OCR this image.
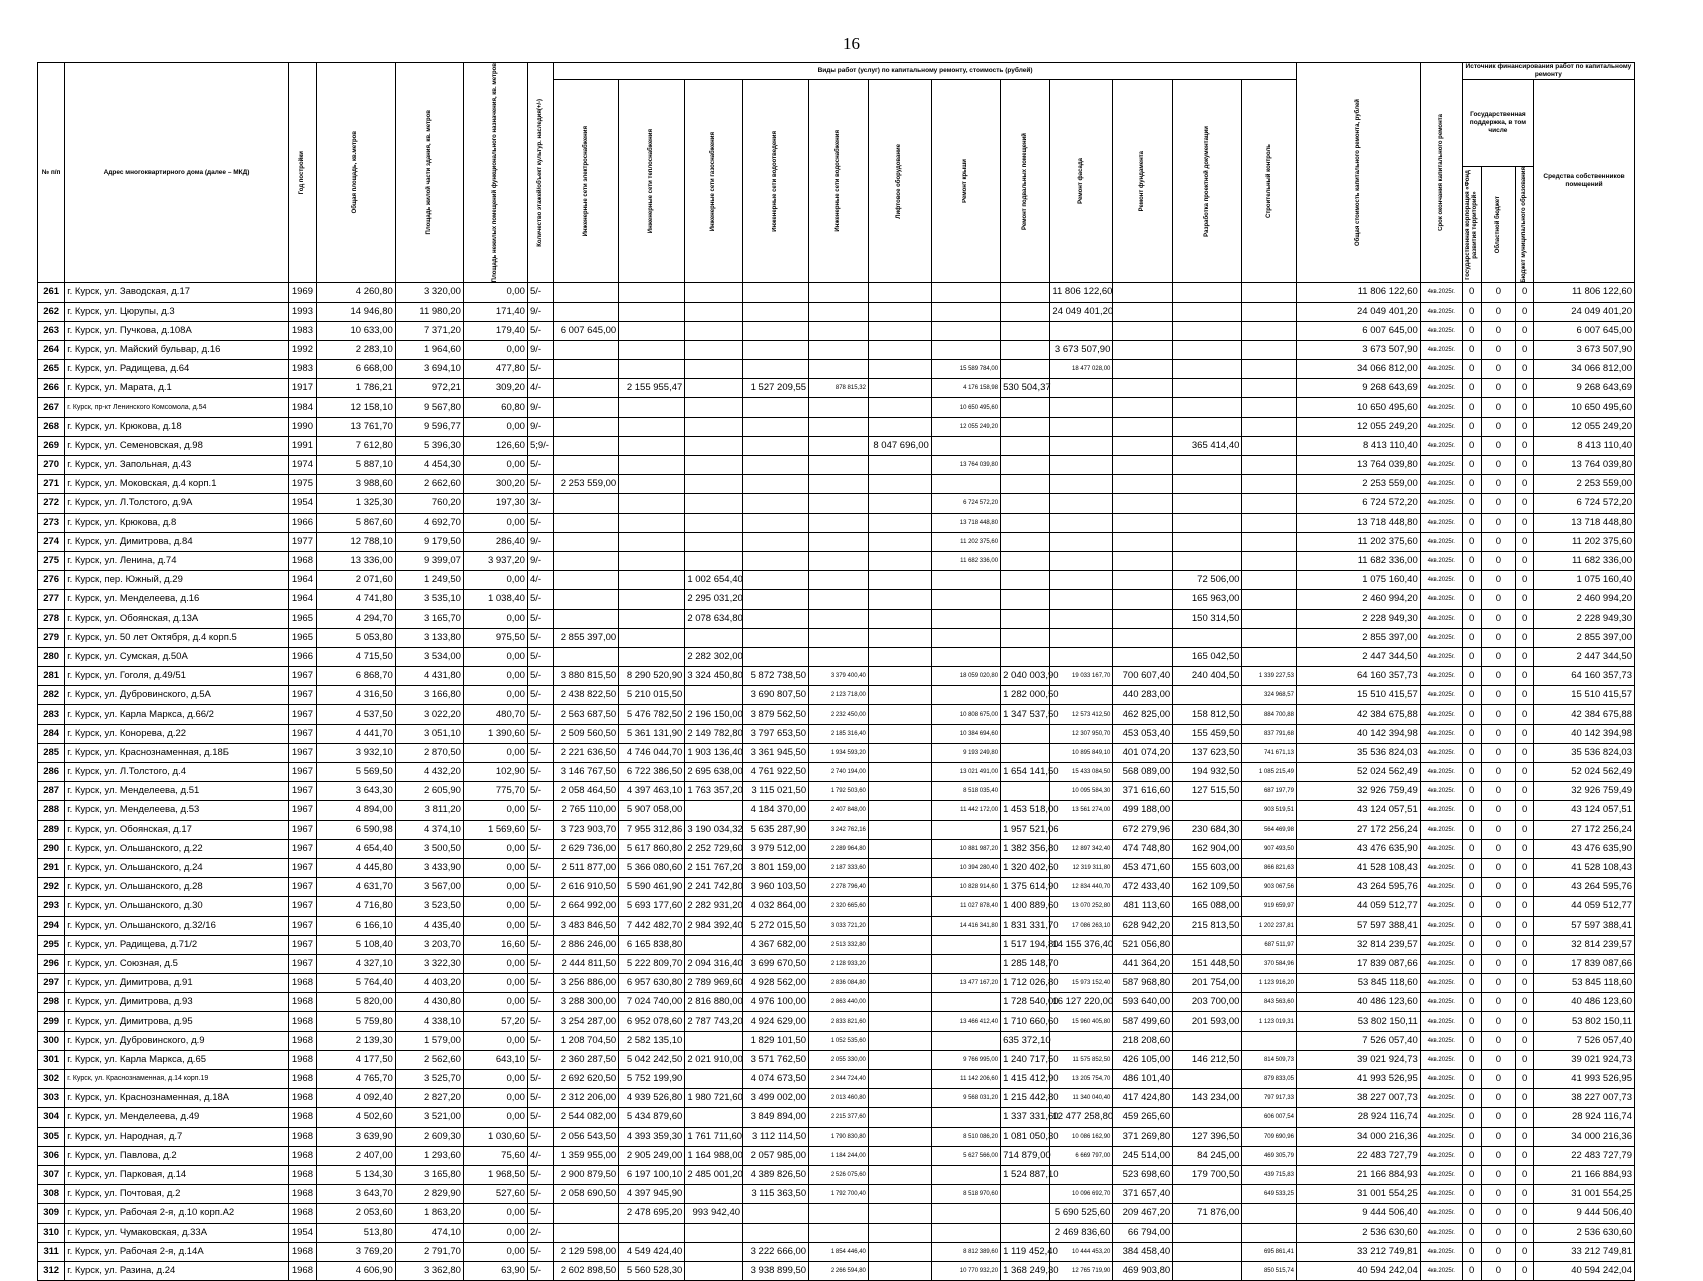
16
№ п/п	Адрес многоквартирного дома (далее – МКД)	Год постройки	Общая площадь, кв.метров	Площадь жилой части здания, кв. метров	Площадь нежилых помещений функционального назначения, кв. метров	Количество этажей/объект культур. наследия(+/-)	Виды работ (услуг) по капитальному ремонту, стоимость (рублей)												Общая стоимость капитального ремонта, рублей	Срок окончания капитального ремонта	Источник финансирования работ по капитальному ремонту			

							Инженерные сети электроснабжения	Инженерные сети теплоснабжения	Инженерные сети газоснабжения	Инженерные сети водоотведения	Инженерные сети водоснабжения	Лифтовое оборудование	Ремонт крыши	Ремонт подвальных помещений	Ремонт фасада	Ремонт фундамента	Разработка проектной документации	Строительный контроль			Государственная поддержка, в том числе			Средства собственников помещений

																					Государственная корпорация «Фонд развития территорий»	Областной бюджет	Бюджет муниципального образования	

261	г. Курск, ул. Заводская, д.17	1969	4 260,80	3 320,00	0,00	5/-									11 806 122,60				11 806 122,60	4кв.2025г.	0	0	0	11 806 122,60
262	г. Курск, ул. Цюрупы, д.3	1993	14 946,80	11 980,20	171,40	9/-									24 049 401,20				24 049 401,20	4кв.2025г.	0	0	0	24 049 401,20
263	г. Курск, ул. Пучкова, д.108А	1983	10 633,00	7 371,20	179,40	5/-	6 007 645,00												6 007 645,00	4кв.2025г.	0	0	0	6 007 645,00
264	г. Курск, ул. Майский бульвар, д.16	1992	2 283,10	1 964,60	0,00	9/-									3 673 507,90				3 673 507,90	4кв.2025г.	0	0	0	3 673 507,90
265	г. Курск, ул. Радищева, д.64	1983	6 668,00	3 694,10	477,80	5/-							15 589 784,00		18 477 028,00				34 066 812,00	4кв.2025г.	0	0	0	34 066 812,00
266	г. Курск, ул. Марата, д.1	1917	1 786,21	972,21	309,20	4/-		2 155 955,47		1 527 209,55	878 815,32		4 176 158,98	530 504,37					9 268 643,69	4кв.2025г.	0	0	0	9 268 643,69
267	г. Курск, пр-кт Ленинского Комсомола, д.54	1984	12 158,10	9 567,80	60,80	9/-							10 650 495,60						10 650 495,60	4кв.2025г.	0	0	0	10 650 495,60
268	г. Курск, ул. Крюкова, д.18	1990	13 761,70	9 596,77	0,00	9/-							12 055 249,20						12 055 249,20	4кв.2025г.	0	0	0	12 055 249,20
269	г. Курск, ул. Семеновская, д.98	1991	7 612,80	5 396,30	126,60	5;9/-						8 047 696,00					365 414,40		8 413 110,40	4кв.2025г.	0	0	0	8 413 110,40
270	г. Курск, ул. Запольная, д.43	1974	5 887,10	4 454,30	0,00	5/-							13 764 039,80						13 764 039,80	4кв.2025г.	0	0	0	13 764 039,80
271	г. Курск, ул. Моковская, д.4 корп.1	1975	3 988,60	2 662,60	300,20	5/-	2 253 559,00												2 253 559,00	4кв.2025г.	0	0	0	2 253 559,00
272	г. Курск, ул. Л.Толстого, д.9А	1954	1 325,30	760,20	197,30	3/-							6 724 572,20						6 724 572,20	4кв.2025г.	0	0	0	6 724 572,20
273	г. Курск, ул. Крюкова, д.8	1966	5 867,60	4 692,70	0,00	5/-							13 718 448,80						13 718 448,80	4кв.2025г.	0	0	0	13 718 448,80
274	г. Курск, ул. Димитрова, д.84	1977	12 788,10	9 179,50	286,40	9/-							11 202 375,60						11 202 375,60	4кв.2025г.	0	0	0	11 202 375,60
275	г. Курск, ул. Ленина, д.74	1968	13 336,00	9 399,07	3 937,20	9/-							11 682 336,00						11 682 336,00	4кв.2025г.	0	0	0	11 682 336,00
276	г. Курск, пер. Южный, д.29	1964	2 071,60	1 249,50	0,00	4/-			1 002 654,40								72 506,00		1 075 160,40	4кв.2025г.	0	0	0	1 075 160,40
277	г. Курск, ул. Менделеева, д.16	1964	4 741,80	3 535,10	1 038,40	5/-			2 295 031,20								165 963,00		2 460 994,20	4кв.2025г.	0	0	0	2 460 994,20
278	г. Курск, ул. Обоянская, д.13А	1965	4 294,70	3 165,70	0,00	5/-			2 078 634,80								150 314,50		2 228 949,30	4кв.2025г.	0	0	0	2 228 949,30
279	г. Курск, ул. 50 лет Октября, д.4 корп.5	1965	5 053,80	3 133,80	975,50	5/-	2 855 397,00												2 855 397,00	4кв.2025г.	0	0	0	2 855 397,00
280	г. Курск, ул. Сумская, д.50А	1966	4 715,50	3 534,00	0,00	5/-			2 282 302,00								165 042,50		2 447 344,50	4кв.2025г.	0	0	0	2 447 344,50
281	г. Курск, ул. Гоголя, д.49/51	1967	6 868,70	4 431,80	0,00	5/-	3 880 815,50	8 290 520,90	3 324 450,80	5 872 738,50	3 379 400,40		18 059 020,80	2 040 003,90	19 033 167,70	700 607,40	240 404,50	1 339 227,53	64 160 357,73	4кв.2025г.	0	0	0	64 160 357,73
282	г. Курск, ул. Дубровинского, д.5А	1967	4 316,50	3 166,80	0,00	5/-	2 438 822,50	5 210 015,50		3 690 807,50	2 123 718,00			1 282 000,50		440 283,00		324 968,57	15 510 415,57	4кв.2025г.	0	0	0	15 510 415,57
283	г. Курск, ул. Карла Маркса, д.66/2	1967	4 537,50	3 022,20	480,70	5/-	2 563 687,50	5 476 782,50	2 196 150,00	3 879 562,50	2 232 450,00		10 808 675,00	1 347 537,50	12 573 412,50	462 825,00	158 812,50	884 700,88	42 384 675,88	4кв.2025г.	0	0	0	42 384 675,88
284	г. Курск, ул. Конорева, д.22	1967	4 441,70	3 051,10	1 390,60	5/-	2 509 560,50	5 361 131,90	2 149 782,80	3 797 653,50	2 185 316,40		10 384 694,60		12 307 950,70	453 053,40	155 459,50	837 791,68	40 142 394,98	4кв.2025г.	0	0	0	40 142 394,98
285	г. Курск, ул. Краснознаменная, д.18Б	1967	3 932,10	2 870,50	0,00	5/-	2 221 636,50	4 746 044,70	1 903 136,40	3 361 945,50	1 934 593,20		9 193 249,80		10 895 849,10	401 074,20	137 623,50	741 671,13	35 536 824,03	4кв.2025г.	0	0	0	35 536 824,03
286	г. Курск, ул. Л.Толстого, д.4	1967	5 569,50	4 432,20	102,90	5/-	3 146 767,50	6 722 386,50	2 695 638,00	4 761 922,50	2 740 194,00		13 021 491,00	1 654 141,50	15 433 084,50	568 089,00	194 932,50	1 085 215,49	52 024 562,49	4кв.2025г.	0	0	0	52 024 562,49
287	г. Курск, ул. Менделеева, д.51	1967	3 643,30	2 605,90	775,70	5/-	2 058 464,50	4 397 463,10	1 763 357,20	3 115 021,50	1 792 503,60		8 518 035,40		10 095 584,30	371 616,60	127 515,50	687 197,79	32 926 759,49	4кв.2025г.	0	0	0	32 926 759,49
288	г. Курск, ул. Менделеева, д.53	1967	4 894,00	3 811,20	0,00	5/-	2 765 110,00	5 907 058,00		4 184 370,00	2 407 848,00		11 442 172,00	1 453 518,00	13 561 274,00	499 188,00		903 519,51	43 124 057,51	4кв.2025г.	0	0	0	43 124 057,51
289	г. Курск, ул. Обоянская, д.17	1967	6 590,98	4 374,10	1 569,60	5/-	3 723 903,70	7 955 312,86	3 190 034,32	5 635 287,90	3 242 762,16			1 957 521,06		672 279,96	230 684,30	564 469,98	27 172 256,24	4кв.2025г.	0	0	0	27 172 256,24
290	г. Курск, ул. Ольшанского, д.22	1967	4 654,40	3 500,50	0,00	5/-	2 629 736,00	5 617 860,80	2 252 729,60	3 979 512,00	2 289 964,80		10 881 987,20	1 382 356,80	12 897 342,40	474 748,80	162 904,00	907 493,50	43 476 635,90	4кв.2025г.	0	0	0	43 476 635,90
291	г. Курск, ул. Ольшанского, д.24	1967	4 445,80	3 433,90	0,00	5/-	2 511 877,00	5 366 080,60	2 151 767,20	3 801 159,00	2 187 333,60		10 394 280,40	1 320 402,60	12 319 311,80	453 471,60	155 603,00	866 821,63	41 528 108,43	4кв.2025г.	0	0	0	41 528 108,43
292	г. Курск, ул. Ольшанского, д.28	1967	4 631,70	3 567,00	0,00	5/-	2 616 910,50	5 590 461,90	2 241 742,80	3 960 103,50	2 278 796,40		10 828 914,60	1 375 614,90	12 834 440,70	472 433,40	162 109,50	903 067,56	43 264 595,76	4кв.2025г.	0	0	0	43 264 595,76
293	г. Курск, ул. Ольшанского, д.30	1967	4 716,80	3 523,50	0,00	5/-	2 664 992,00	5 693 177,60	2 282 931,20	4 032 864,00	2 320 665,60		11 027 878,40	1 400 889,60	13 070 252,80	481 113,60	165 088,00	919 659,97	44 059 512,77	4кв.2025г.	0	0	0	44 059 512,77
294	г. Курск, ул. Ольшанского, д.32/16	1967	6 166,10	4 435,40	0,00	5/-	3 483 846,50	7 442 482,70	2 984 392,40	5 272 015,50	3 033 721,20		14 416 341,80	1 831 331,70	17 086 263,10	628 942,20	215 813,50	1 202 237,81	57 597 388,41	4кв.2025г.	0	0	0	57 597 388,41
295	г. Курск, ул. Радищева, д.71/2	1967	5 108,40	3 203,70	16,60	5/-	2 886 246,00	6 165 838,80		4 367 682,00	2 513 332,80			1 517 194,80	14 155 376,40	521 056,80		687 511,97	32 814 239,57	4кв.2025г.	0	0	0	32 814 239,57
296	г. Курск, ул. Союзная, д.5	1967	4 327,10	3 322,30	0,00	5/-	2 444 811,50	5 222 809,70	2 094 316,40	3 699 670,50	2 128 933,20			1 285 148,70		441 364,20	151 448,50	370 584,96	17 839 087,66	4кв.2025г.	0	0	0	17 839 087,66
297	г. Курск, ул. Димитрова, д.91	1968	5 764,40	4 403,20	0,00	5/-	3 256 886,00	6 957 630,80	2 789 969,60	4 928 562,00	2 836 084,80		13 477 167,20	1 712 026,80	15 973 152,40	587 968,80	201 754,00	1 123 916,20	53 845 118,60	4кв.2025г.	0	0	0	53 845 118,60
298	г. Курск, ул. Димитрова, д.93	1968	5 820,00	4 430,80	0,00	5/-	3 288 300,00	7 024 740,00	2 816 880,00	4 976 100,00	2 863 440,00			1 728 540,00	16 127 220,00	593 640,00	203 700,00	843 563,60	40 486 123,60	4кв.2025г.	0	0	0	40 486 123,60
299	г. Курск, ул. Димитрова, д.95	1968	5 759,80	4 338,10	57,20	5/-	3 254 287,00	6 952 078,60	2 787 743,20	4 924 629,00	2 833 821,60		13 466 412,40	1 710 660,60	15 960 405,80	587 499,60	201 593,00	1 123 019,31	53 802 150,11	4кв.2025г.	0	0	0	53 802 150,11
300	г. Курск, ул. Дубровинского, д.9	1968	2 139,30	1 579,00	0,00	5/-	1 208 704,50	2 582 135,10		1 829 101,50	1 052 535,60			635 372,10		218 208,60			7 526 057,40	4кв.2025г.	0	0	0	7 526 057,40
301	г. Курск, ул. Карла Маркса, д.65	1968	4 177,50	2 562,60	643,10	5/-	2 360 287,50	5 042 242,50	2 021 910,00	3 571 762,50	2 055 330,00		9 766 995,00	1 240 717,50	11 575 852,50	426 105,00	146 212,50	814 509,73	39 021 924,73	4кв.2025г.	0	0	0	39 021 924,73
302	г. Курск, ул. Краснознаменная, д.14 корп.19	1968	4 765,70	3 525,70	0,00	5/-	2 692 620,50	5 752 199,90		4 074 673,50	2 344 724,40		11 142 206,60	1 415 412,90	13 205 754,70	486 101,40		879 833,05	41 993 526,95	4кв.2025г.	0	0	0	41 993 526,95
303	г. Курск, ул. Краснознаменная, д.18А	1968	4 092,40	2 827,20	0,00	5/-	2 312 206,00	4 939 526,80	1 980 721,60	3 499 002,00	2 013 460,80		9 568 031,20	1 215 442,80	11 340 040,40	417 424,80	143 234,00	797 917,33	38 227 007,73	4кв.2025г.	0	0	0	38 227 007,73
304	г. Курск, ул. Менделеева, д.49	1968	4 502,60	3 521,00	0,00	5/-	2 544 082,00	5 434 879,60		3 849 894,00	2 215 377,60			1 337 331,60	12 477 258,80	459 265,60		606 007,54	28 924 116,74	4кв.2025г.	0	0	0	28 924 116,74
305	г. Курск, ул. Народная, д.7	1968	3 639,90	2 609,30	1 030,60	5/-	2 056 543,50	4 393 359,30	1 761 711,60	3 112 114,50	1 790 830,80		8 510 086,20	1 081 050,30	10 086 162,90	371 269,80	127 396,50	709 690,96	34 000 216,36	4кв.2025г.	0	0	0	34 000 216,36
306	г. Курск, ул. Павлова, д.2	1968	2 407,00	1 293,60	75,60	4/-	1 359 955,00	2 905 249,00	1 164 988,00	2 057 985,00	1 184 244,00		5 627 566,00	714 879,00	6 669 797,00	245 514,00	84 245,00	469 305,79	22 483 727,79	4кв.2025г.	0	0	0	22 483 727,79
307	г. Курск, ул. Парковая, д.14	1968	5 134,30	3 165,80	1 968,50	5/-	2 900 879,50	6 197 100,10	2 485 001,20	4 389 826,50	2 526 075,60			1 524 887,10		523 698,60	179 700,50	439 715,83	21 166 884,93	4кв.2025г.	0	0	0	21 166 884,93
308	г. Курск, ул. Почтовая, д.2	1968	3 643,70	2 829,90	527,60	5/-	2 058 690,50	4 397 945,90		3 115 363,50	1 792 700,40		8 518 970,60		10 096 692,70	371 657,40		649 533,25	31 001 554,25	4кв.2025г.	0	0	0	31 001 554,25
309	г. Курск, ул. Рабочая 2-я, д.10 корп.А2	1968	2 053,60	1 863,20	0,00	5/-		2 478 695,20	993 942,40						5 690 525,60	209 467,20	71 876,00		9 444 506,40	4кв.2025г.	0	0	0	9 444 506,40
310	г. Курск, ул. Чумаковская, д.33А	1954	513,80	474,10	0,00	2/-									2 469 836,60	66 794,00			2 536 630,60	4кв.2025г.	0	0	0	2 536 630,60
311	г. Курск, ул. Рабочая 2-я, д.14А	1968	3 769,20	2 791,70	0,00	5/-	2 129 598,00	4 549 424,40		3 222 666,00	1 854 446,40		8 812 389,60	1 119 452,40	10 444 453,20	384 458,40		695 861,41	33 212 749,81	4кв.2025г.	0	0	0	33 212 749,81
312	г. Курск, ул. Разина, д.24	1968	4 606,90	3 362,80	63,90	5/-	2 602 898,50	5 560 528,30		3 938 899,50	2 266 594,80		10 770 932,20	1 368 249,30	12 765 719,90	469 903,80		850 515,74	40 594 242,04	4кв.2025г.	0	0	0	40 594 242,04
